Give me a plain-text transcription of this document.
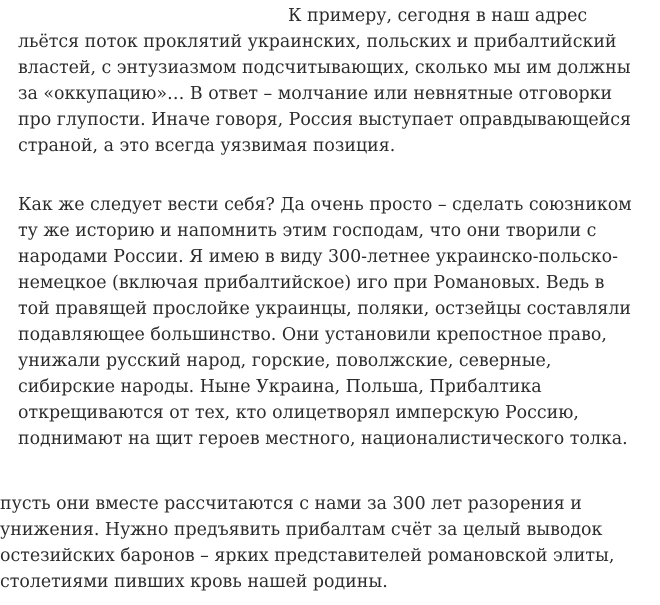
К примеру, сегодня в наш адрес
льётся поток проклятий украинских, польских и прибалтийский
властей, с энтузиазмом подсчитывающих, сколько мы им должны
за «оккупацию»… В ответ – молчание или невнятные отговорки
про глупости. Иначе говоря, Россия выступает оправдывающейся
страной, а это всегда уязвимая позиция.
Как же следует вести себя? Да очень просто – сделать союзником
ту же историю и напомнить этим господам, что они творили с
народами России. Я имею в виду 300-летнее украинско-польско-
немецкое (включая прибалтийское) иго при Романовых. Ведь в
той правящей прослойке украинцы, поляки, остзейцы составляли
подавляющее большинство. Они установили крепостное право,
унижали русский народ, горские, поволжские, северные,
сибирские народы. Ныне Украина, Польша, Прибалтика
открещиваются от тех, кто олицетворял имперскую Россию,
поднимают на щит героев местного, националистического толка.
пусть они вместе рассчитаются с нами за 300 лет разорения и
унижения. Нужно предъявить прибалтам счёт за целый выводок
остезийских баронов – ярких представителей романовской элиты,
столетиями пивших кровь нашей родины.
